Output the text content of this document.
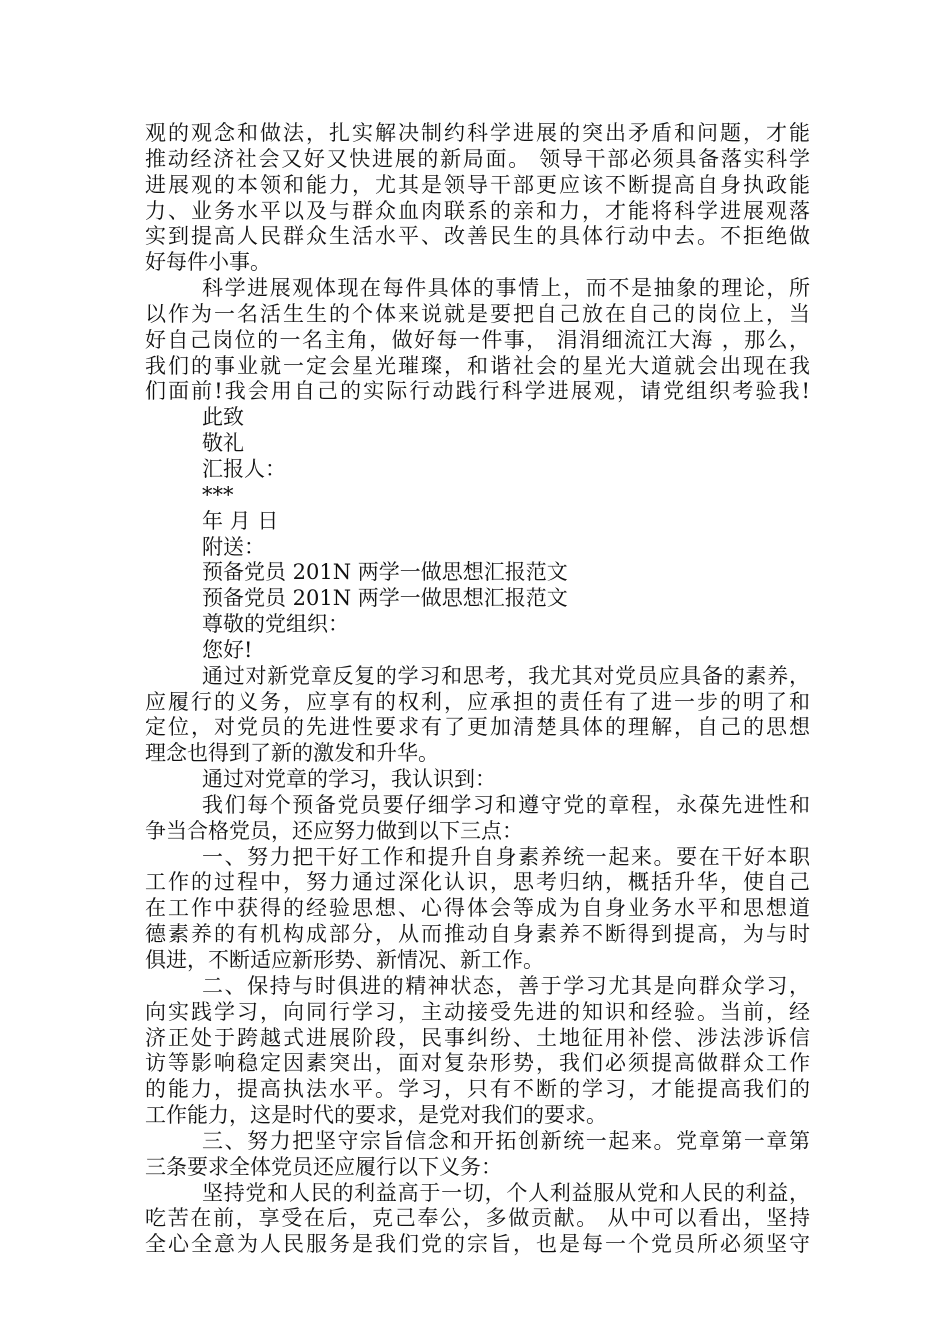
观的观念和做法，扎实解决制约科学进展的突出矛盾和问题，才能
推动经济社会又好又快进展的新局面。 领导干部必须具备落实科学
进展观的本领和能力，尤其是领导干部更应该不断提高自身执政能
力、业务水平以及与群众血肉联系的亲和力，才能将科学进展观落
实到提高人民群众生活水平、改善民生的具体行动中去。不拒绝做
好每件小事。
科学进展观体现在每件具体的事情上，而不是抽象的理论，所
以作为一名活生生的个体来说就是要把自己放在自己的岗位上，当
好自己岗位的一名主角，做好每一件事， 涓涓细流江大海 ，那么，
我们的事业就一定会星光璀璨，和谐社会的星光大道就会出现在我
们面前!我会用自己的实际行动践行科学进展观，请党组织考验我!
此致
敬礼
汇报人：
***
年 月 日
附送：
预备党员 201N 两学一做思想汇报范文
预备党员 201N 两学一做思想汇报范文
尊敬的党组织：
您好!
通过对新党章反复的学习和思考，我尤其对党员应具备的素养，
应履行的义务，应享有的权利，应承担的责任有了进一步的明了和
定位，对党员的先进性要求有了更加清楚具体的理解，自己的思想
理念也得到了新的激发和升华。
通过对党章的学习，我认识到：
我们每个预备党员要仔细学习和遵守党的章程，永葆先进性和
争当合格党员，还应努力做到以下三点：
一、努力把干好工作和提升自身素养统一起来。要在干好本职
工作的过程中，努力通过深化认识，思考归纳，概括升华，使自己
在工作中获得的经验思想、心得体会等成为自身业务水平和思想道
德素养的有机构成部分，从而推动自身素养不断得到提高，为与时
俱进，不断适应新形势、新情况、新工作。
二、保持与时俱进的精神状态，善于学习尤其是向群众学习，
向实践学习，向同行学习，主动接受先进的知识和经验。当前，经
济正处于跨越式进展阶段，民事纠纷、土地征用补偿、涉法涉诉信
访等影响稳定因素突出，面对复杂形势，我们必须提高做群众工作
的能力，提高执法水平。学习，只有不断的学习，才能提高我们的
工作能力，这是时代的要求，是党对我们的要求。
三、努力把坚守宗旨信念和开拓创新统一起来。党章第一章第
三条要求全体党员还应履行以下义务：
坚持党和人民的利益高于一切，个人利益服从党和人民的利益，
吃苦在前，享受在后，克己奉公，多做贡献。 从中可以看出，坚持
全心全意为人民服务是我们党的宗旨，也是每一个党员所必须坚守
